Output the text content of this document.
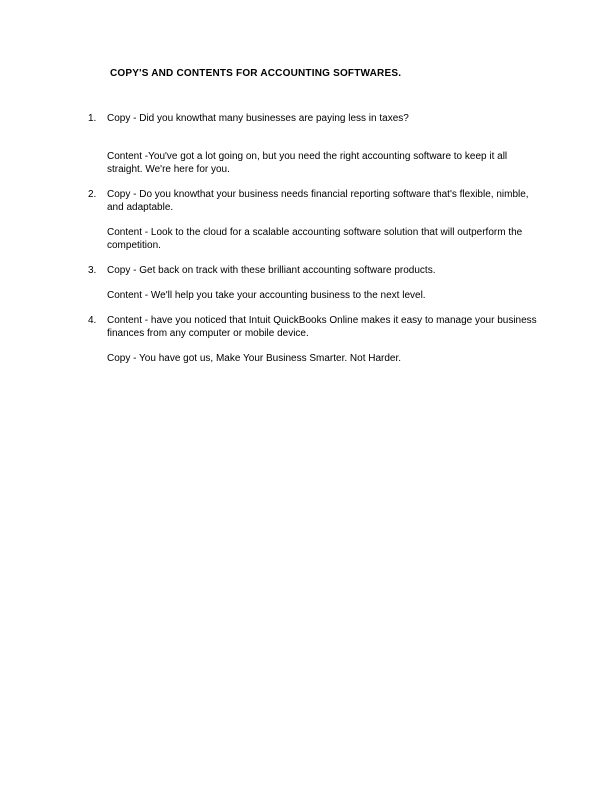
COPY'S AND CONTENTS FOR ACCOUNTING SOFTWARES.
1. Copy - Did you knowthat many businesses are paying less in taxes?

Content -You've got a lot going on, but you need the right accounting software to keep it all straight. We're here for you.

2. Copy - Do you knowthat your business needs financial reporting software that's flexible, nimble, and adaptable.

Content - Look to the cloud for a scalable accounting software solution that will outperform the competition.

3. Copy - Get back on track with these brilliant accounting software products.

Content - We'll help you take your accounting business to the next level.

4. Content - have you noticed that Intuit QuickBooks Online makes it easy to manage your business finances from any computer or mobile device.

Copy - You have got us, Make Your Business Smarter. Not Harder.
